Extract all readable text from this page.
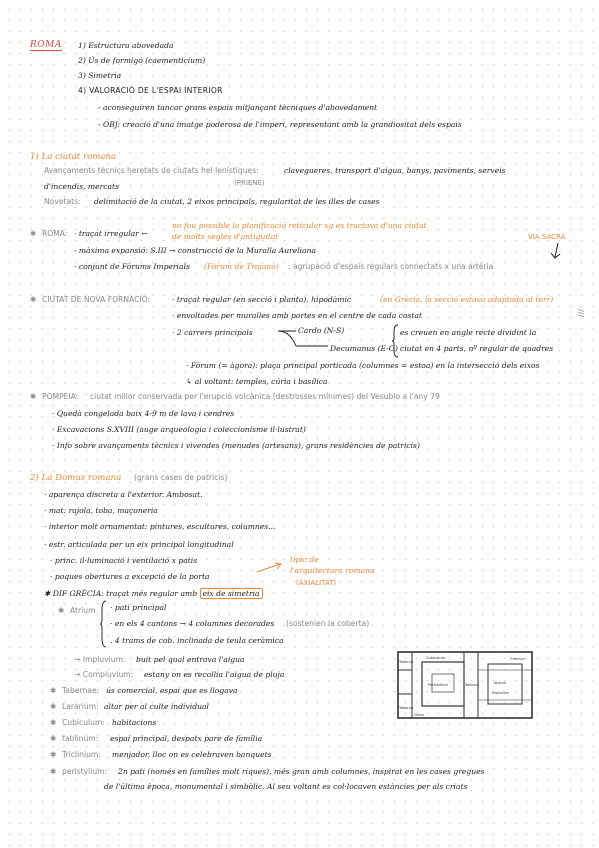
ROMA 1) Estructura abovedada
2) Ús de formigó (caementicium)
3) Simetria
4) VALORACIÓ DE L'ESPAI INTERIOR
- aconseguiren tancar grans espais mitjançant tècniques d'abovedament
- OBJ: creació d'una imatge poderosa de l'imperi, representant amb la grandiositat dels espais
1) La ciutat romana
Avançaments tècnics heretats de ciutats hel·lenístiques:	clavegueres, transport d'aigua, banys, paviments, serveis
(PRIENE)
d'incendis, mercats
Novetats: delimitació de la ciutat, 2 eixos principals, regularitat de les illes de cases
✱ ROMA: · traçat irregular ←
no fou possible la planificació reticular xq es tractava d'una ciutat
de molts segles d'antiguitat	VIA SACRA
· màxima expansió: S.III → construcció de la Muralla Aureliana
· conjunt de Fòrums Imperials (Fòrum de Trajano) : agrupació d'espais regulars connectats x una artèria
✱ CIUTAT DE NOVA FORNACIÓ:	· traçat regular (en secció i planta), hipodàmic	(en Grècia, la secció estava adaptada al terr)
· envoltades per muralles amb portes en el centre de cada costat
· 2 carrers principals	Cardo (N-S)
Decumanus (E-O)
es creuen en angle recte dividint la
ciutat en 4 parts, nº regular de quadres
///
· Fòrum (= àgora): plaça principal porticada (columnes = estoa) en la intersecció dels eixos
↳ al voltant: temples, cúria i basílica
✱ POMPEIA: ciutat millor conservada per l'erupció volcànica (destrosses mínimes) del Vesubio a l'any 79
· Quedà congelada baix 4-9 m de lava i cendres
· Excavacions S.XVIII (auge arqueologia i coleccionisme il·lustrat)
· Info sobre avançaments tècnics i vivendes (menudes (artesans), grans residències de patricis)
2) La Domus romana (grans cases de patricis)
· aparença discreta a l'exterior. Ambosat.
· mat: rajola, toba, maçoneria
· interior molt ornamentat: pintures, escultures, columnes...
· estr. articulada per un eix principal longitudinal
· princ. il·luminació i ventilació x patis
· poques obertures a excepció de la porta
típic de
l'arquitectura romana
(AXIALITAT)
✱ DIF GRÈCIA: traçat més regular amb eix de simetria
✱ Atrium · pati principal
· en els 4 cantons → 4 columnes decorades (sostenien la coberta)
. 4 trams de cob. inclinada de teula ceràmica
→ Impluvium: buit pel qual entrava l'aigua
→ Compluvium: estany on es recollia l'aigua de pluja
✱ Tabernae: ús comercial, espai que es llogava
✱ Lararium: altar per al culte individual
✱ Cubiculum: habitacions
✱ tablinum: espai principal, despatx pare de família
✱ Triclinium: menjador, lloc on es celebraven banquets
✱ peristylium: 2n pati (només en famílies molt riques), més gran amb columnes, inspirat en les cases gregues
de l'última època, monumental i simbòlic. Al seu voltant es col·locaven estàncies per als criats
Taberna
Cubiculum
Peristylium
Taberna
Atrium
Tablinum
Triclinium
Impluvium
Culina
